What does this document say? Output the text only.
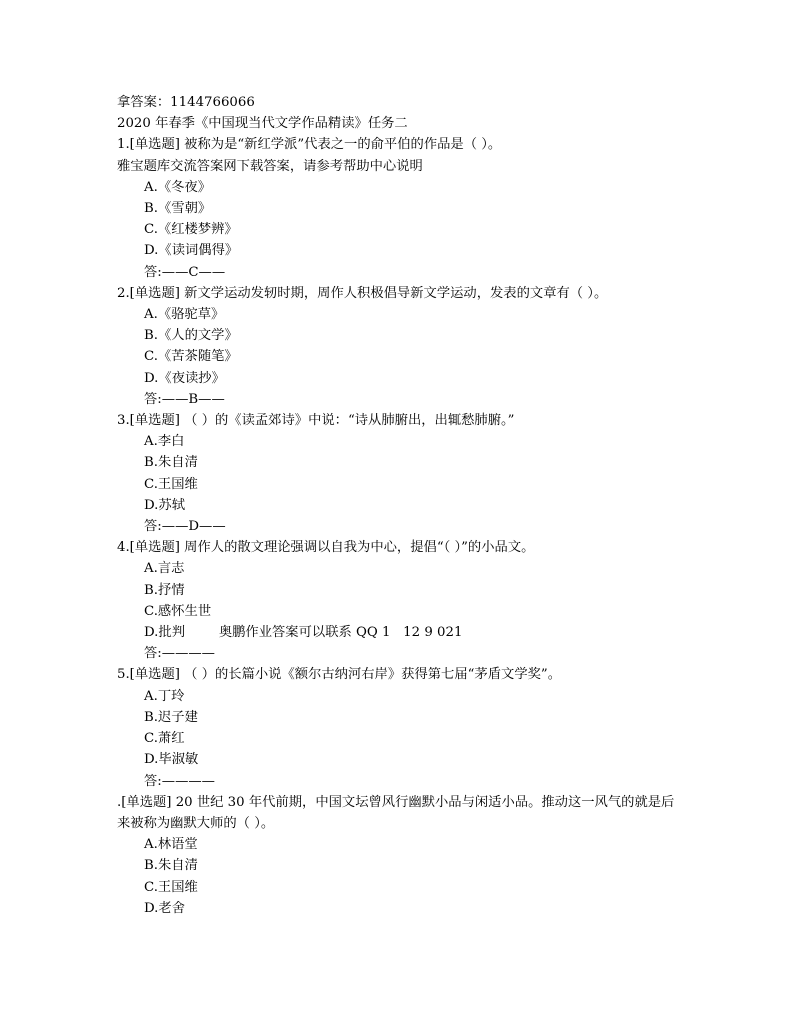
拿答案：1144766066
2020 年春季《中国现当代文学作品精读》任务二
1.[单选题] 被称为是“新红学派”代表之一的俞平伯的作品是（ ）。
雅宝题库交流答案网下载答案，请参考帮助中心说明
A.《冬夜》
B.《雪朝》
C.《红楼梦辨》
D.《读词偶得》
答:——C——
2.[单选题] 新文学运动发轫时期，周作人积极倡导新文学运动，发表的文章有（ ）。
A.《骆驼草》
B.《人的文学》
C.《苦茶随笔》
D.《夜读抄》
答:——B——
3.[单选题] （ ）的《读孟郊诗》中说：“诗从肺腑出，出辄愁肺腑。”
A.李白
B.朱自清
C.王国维
D.苏轼
答:——D——
4.[单选题] 周作人的散文理论强调以自我为中心，提倡“（ ）”的小品文。
A.言志
B.抒情
C.感怀生世
D.批判        奥鹏作业答案可以联系 QQ 1   12 9 021
答:————
5.[单选题] （ ）的长篇小说《额尔古纳河右岸》获得第七届“茅盾文学奖”。
A.丁玲
B.迟子建
C.萧红
D.毕淑敏
答:————
.[单选题] 20 世纪 30 年代前期，中国文坛曾风行幽默小品与闲适小品。推动这一风气的就是后来被称为幽默大师的（ ）。
A.林语堂
B.朱自清
C.王国维
D.老舍
